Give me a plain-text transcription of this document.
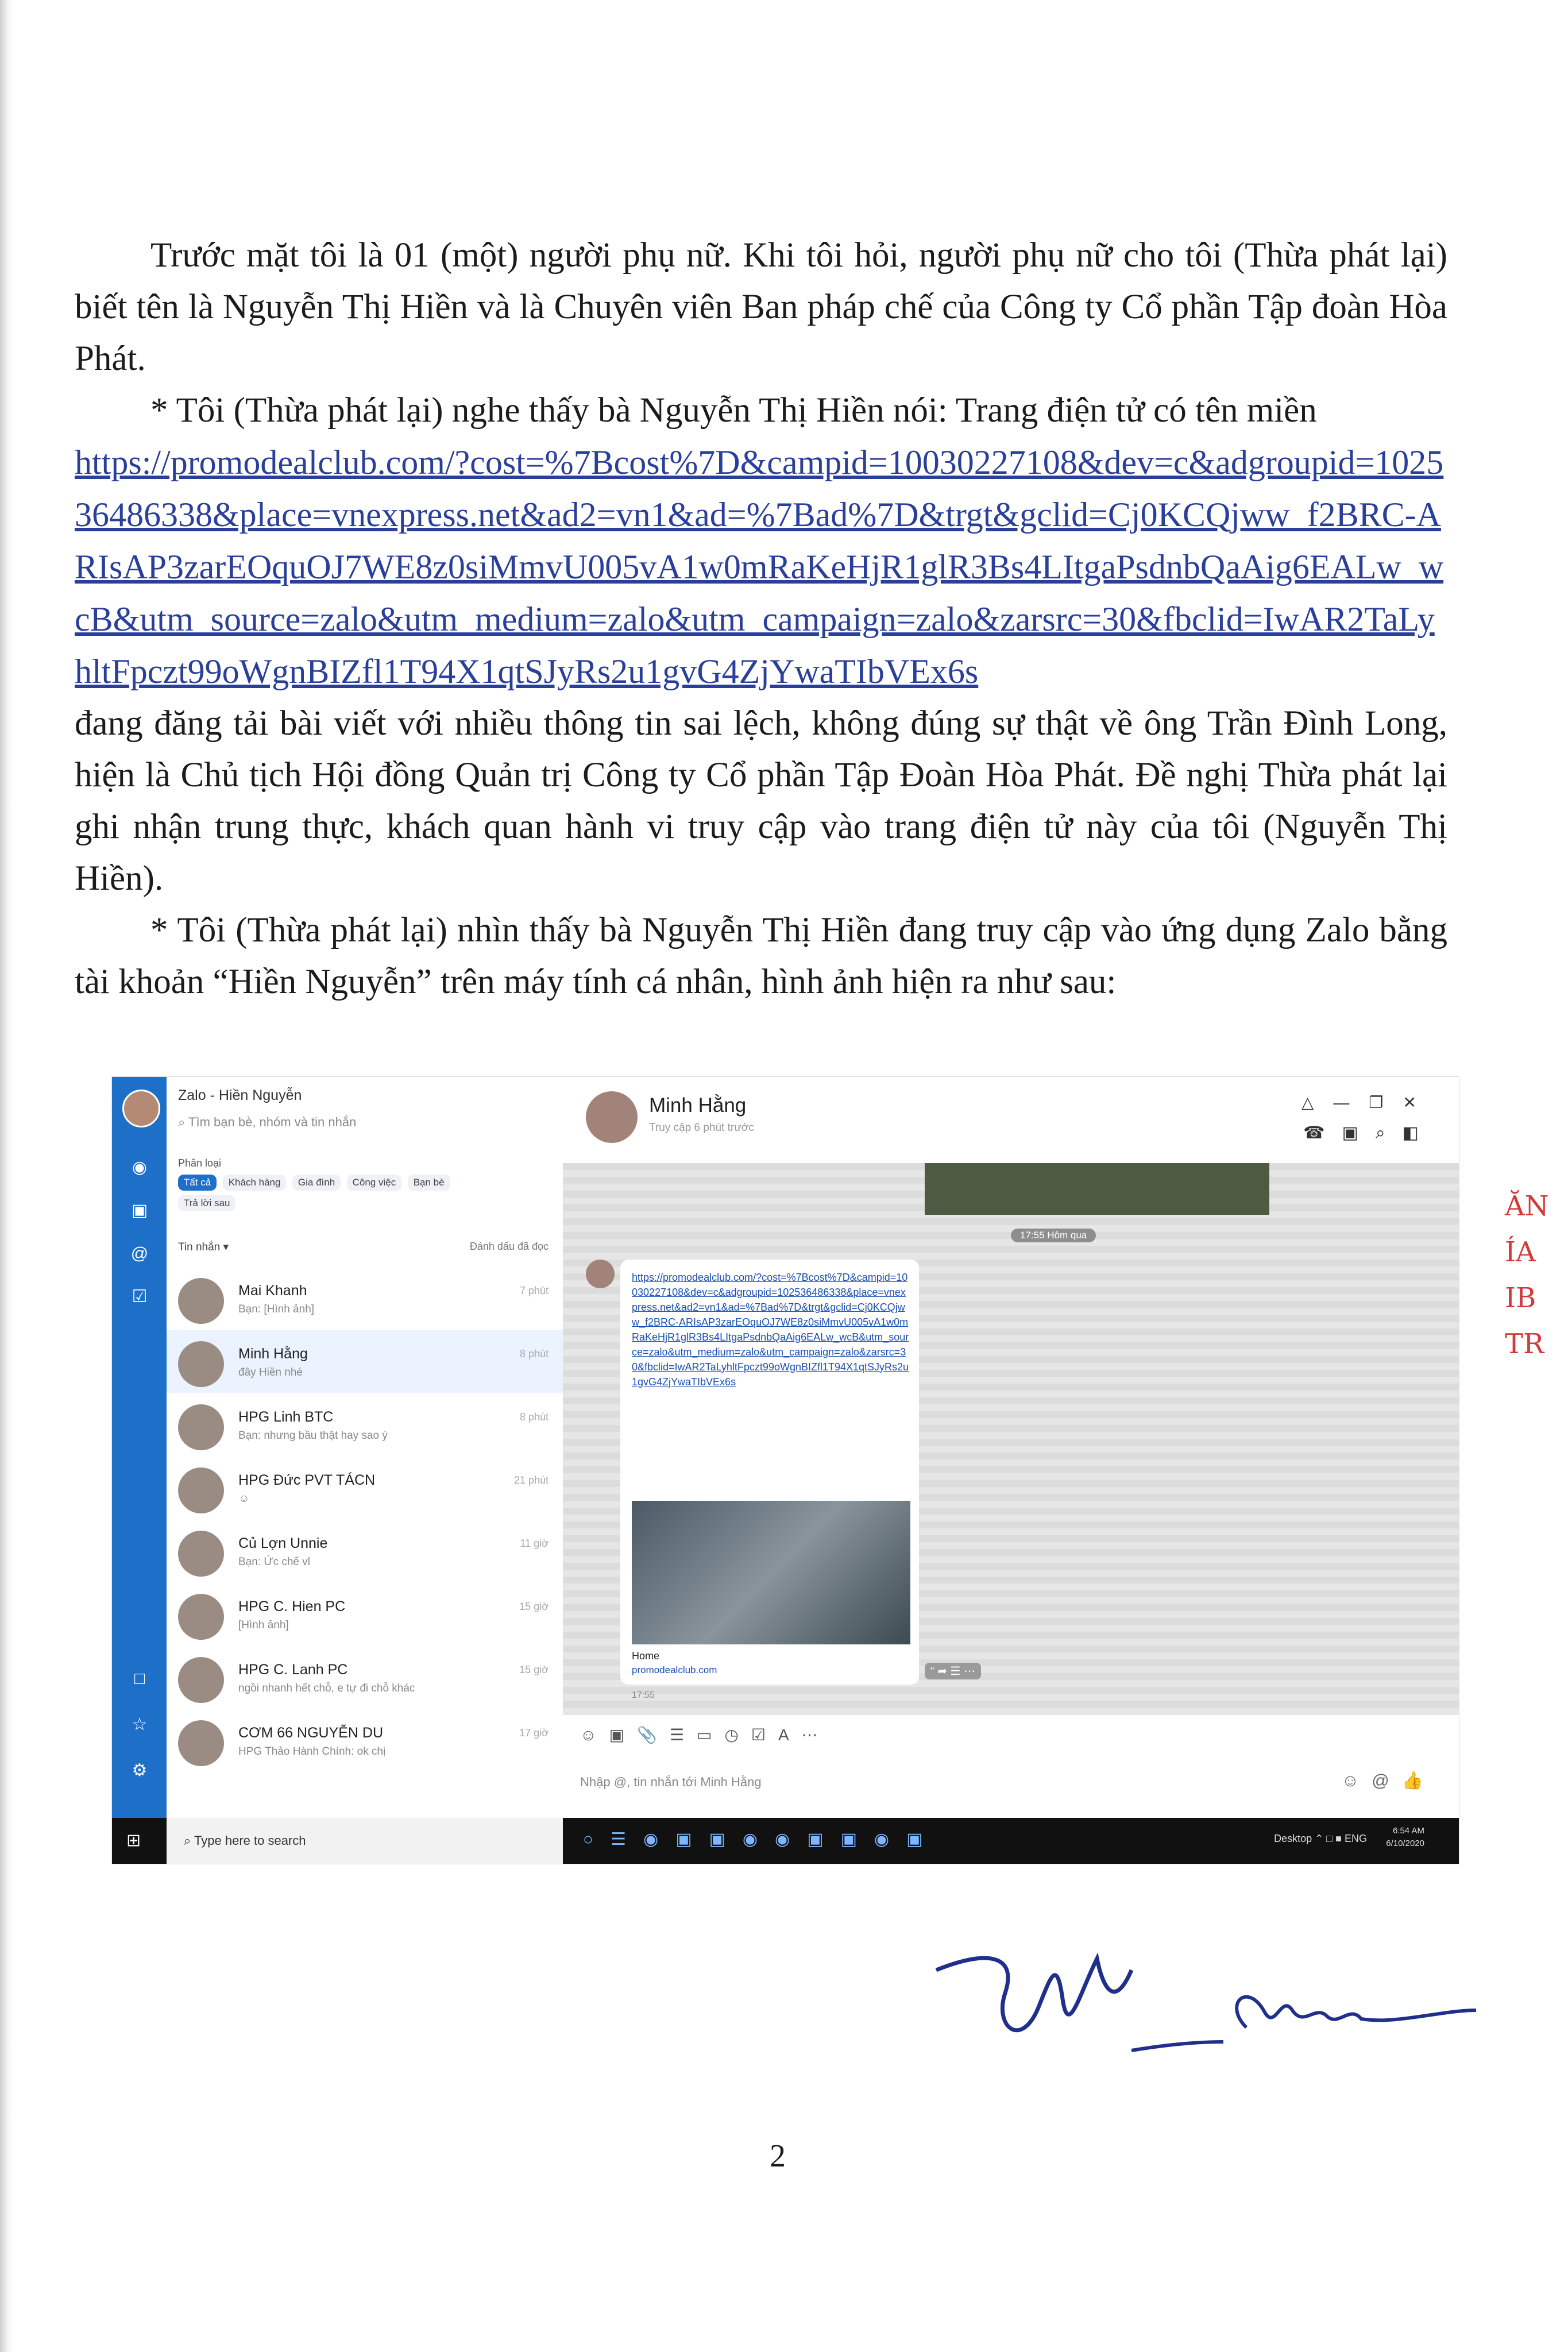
Trước mặt tôi là 01 (một) người phụ nữ. Khi tôi hỏi, người phụ nữ cho tôi (Thừa phát lại) biết tên là Nguyễn Thị Hiền và là Chuyên viên Ban pháp chế của Công ty Cổ phần Tập đoàn Hòa Phát.

* Tôi (Thừa phát lại) nghe thấy bà Nguyễn Thị Hiền nói: Trang điện tử có tên miền

https://promodealclub.com/?cost=%7Bcost%7D&campid=10030227108&dev=c&adgroupid=102536486338&place=vnexpress.net&ad2=vn1&ad=%7Bad%7D&trgt&gclid=Cj0KCQjww_f2BRC-ARIsAP3zarEOquOJ7WE8z0siMmvU005vA1w0mRaKeHjR1glR3Bs4LItgaPsdnbQaAig6EALw_wcB&utm_source=zalo&utm_medium=zalo&utm_campaign=zalo&zarsrc=30&fbclid=IwAR2TaLyhltFpczt99oWgnBIZfl1T94X1qtSJyRs2u1gvG4ZjYwaTIbVEx6s

đang đăng tải bài viết với nhiều thông tin sai lệch, không đúng sự thật về ông Trần Đình Long, hiện là Chủ tịch Hội đồng Quản trị Công ty Cổ phần Tập Đoàn Hòa Phát. Đề nghị Thừa phát lại ghi nhận trung thực, khách quan hành vi truy cập vào trang điện tử này của tôi (Nguyễn Thị Hiền).

* Tôi (Thừa phát lại) nhìn thấy bà Nguyễn Thị Hiền đang truy cập vào ứng dụng Zalo bằng tài khoản “Hiền Nguyễn” trên máy tính cá nhân, hình ảnh hiện ra như sau:

◉
▣
@
☑
□
☆
⚙
Zalo - Hiền Nguyễn
⌕ Tìm bạn bè, nhóm và tin nhắn
Phân loại
Tất cả Khách hàng Gia đình Công việc Bạn bè Trả lời sau
Tin nhắn ▾	Đánh dấu đã đọc
Mai Khanh
Bạn: [Hình ảnh]
7 phút
Minh Hằng
đây Hiền nhé
8 phút
HPG Linh BTC
Bạn: nhưng bầu thật hay sao ý
8 phút
HPG Đức PVT TÁCN
☺
21 phút
Củ Lợn Unnie
Bạn: Ức chế vl
11 giờ
HPG C. Hien PC
[Hình ảnh]
15 giờ
HPG C. Lanh PC
ngồi nhanh hết chỗ, e tự đi chỗ khác
15 giờ
CƠM 66 NGUYỄN DU
HPG Thảo Hành Chính: ok chị
17 giờ
Minh Hằng
Truy cập 6 phút trước
△—❐✕
☎▣⌕◧
17:55 Hôm qua
https://promodealclub.com/?cost=%7Bcost%7D&campid=10030227108&dev=c&adgroupid=102536486338&place=vnexpress.net&ad2=vn1&ad=%7Bad%7D&trgt&gclid=Cj0KCQjww_f2BRC-ARIsAP3zarEOquOJ7WE8z0siMmvU005vA1w0mRaKeHjR1glR3Bs4LItgaPsdnbQaAig6EALw_wcB&utm_source=zalo&utm_medium=zalo&utm_campaign=zalo&zarsrc=30&fbclid=IwAR2TaLyhltFpczt99oWgnBIZfl1T94X1qtSJyRs2u1gvG4ZjYwaTIbVEx6s
Home
promodealclub.com
17:55
“ ➦ ☰ ⋯
☺▣📎☰▭◷☑A⋯
Nhập @, tin nhắn tới Minh Hằng	☺@👍
⊞	⌕ Type here to search	○☰◉▣▣◉◉▣▣◉▣	Desktop ⌃ □ ■ ENG
6:54 AM
6/10/2020
ĂN
ÍA
IB
TR
2
